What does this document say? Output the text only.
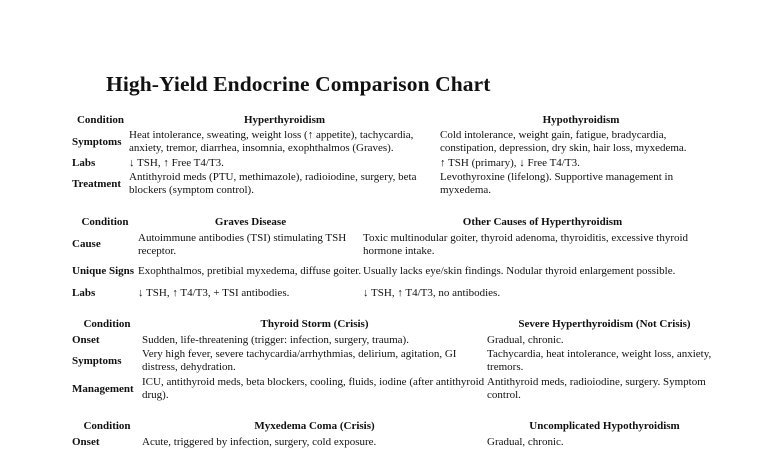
High-Yield Endocrine Comparison Chart
Condition	Hyperthyroidism	Hypothyroidism
Symptoms	Heat intolerance, sweating, weight loss (↑ appetite), tachycardia, anxiety, tremor, diarrhea, insomnia, exophthalmos (Graves).	Cold intolerance, weight gain, fatigue, bradycardia, constipation, depression, dry skin, hair loss, myxedema.
Labs	↓ TSH, ↑ Free T4/T3.	↑ TSH (primary), ↓ Free T4/T3.
Treatment	Antithyroid meds (PTU, methimazole), radioiodine, surgery, beta blockers (symptom control).	Levothyroxine (lifelong). Supportive management in myxedema.
Condition	Graves Disease	Other Causes of Hyperthyroidism
Cause	Autoimmune antibodies (TSI) stimulating TSH receptor.	Toxic multinodular goiter, thyroid adenoma, thyroiditis, excessive thyroid hormone intake.
Unique Signs	Exophthalmos, pretibial myxedema, diffuse goiter.	Usually lacks eye/skin findings. Nodular thyroid enlargement possible.
Labs	↓ TSH, ↑ T4/T3, + TSI antibodies.	↓ TSH, ↑ T4/T3, no antibodies.
Condition	Thyroid Storm (Crisis)	Severe Hyperthyroidism (Not Crisis)
Onset	Sudden, life-threatening (trigger: infection, surgery, trauma).	Gradual, chronic.
Symptoms	Very high fever, severe tachycardia/arrhythmias, delirium, agitation, GI distress, dehydration.	Tachycardia, heat intolerance, weight loss, anxiety, tremors.
Management	ICU, antithyroid meds, beta blockers, cooling, fluids, iodine (after antithyroid drug).	Antithyroid meds, radioiodine, surgery. Symptom control.
Condition	Myxedema Coma (Crisis)	Uncomplicated Hypothyroidism
Onset	Acute, triggered by infection, surgery, cold exposure.	Gradual, chronic.
